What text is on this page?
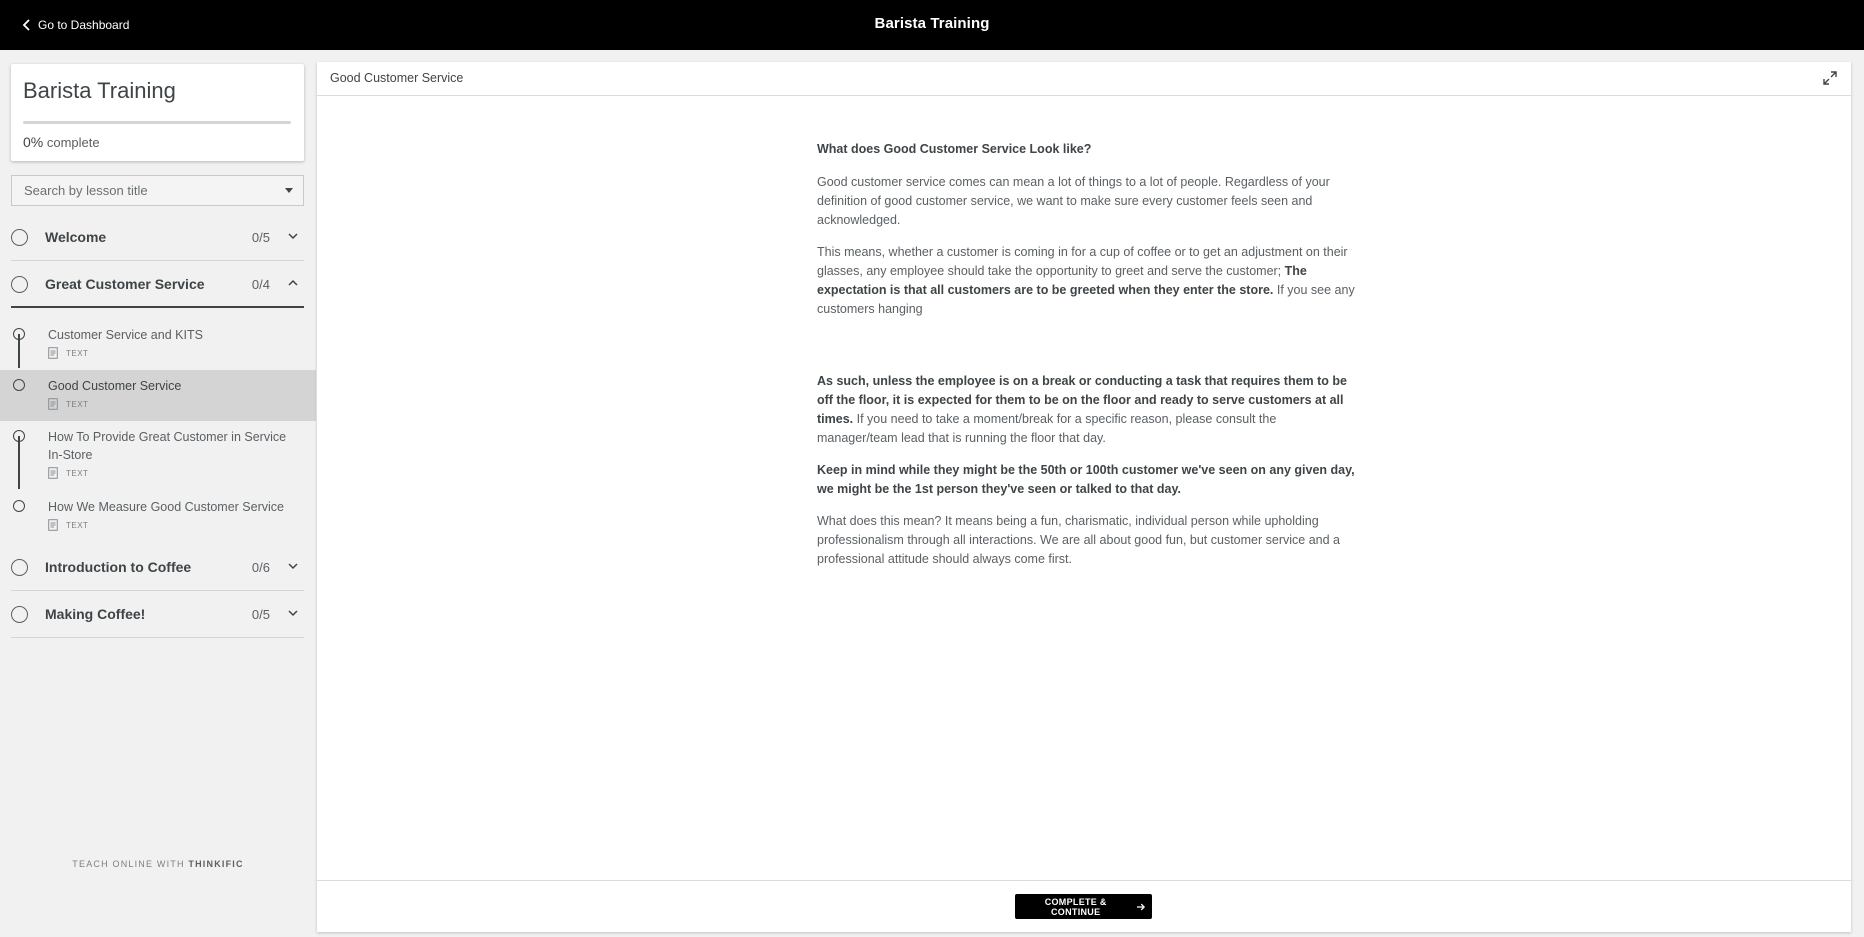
Go to Dashboard	Barista Training
Barista Training
0% complete
Search by lesson title
Welcome	0/5
Great Customer Service	0/4
Customer Service and KITS
TEXT
Good Customer Service
TEXT
How To Provide Great Customer in Service In-Store
TEXT
How We Measure Good Customer Service
TEXT
Introduction to Coffee	0/6
Making Coffee!	0/5
TEACH ONLINE WITH THINKIFIC
Good Customer Service

What does Good Customer Service Look like?

Good customer service comes can mean a lot of things to a lot of people. Regardless of your definition of good customer service, we want to make sure every customer feels seen and acknowledged.

This means, whether a customer is coming in for a cup of coffee or to get an adjustment on their glasses, any employee should take the opportunity to greet and serve the customer; The expectation is that all customers are to be greeted when they enter the store. If you see any customers hanging

As such, unless the employee is on a break or conducting a task that requires them to be off the floor, it is expected for them to be on the floor and ready to serve customers at all times. If you need to take a moment/break for a specific reason, please consult the manager/team lead that is running the floor that day.

Keep in mind while they might be the 50th or 100th customer we've seen on any given day, we might be the 1st person they've seen or talked to that day.

What does this mean? It means being a fun, charismatic, individual person while upholding professionalism through all interactions. We are all about good fun, but customer service and a professional attitude should always come first.

COMPLETE & CONTINUE
